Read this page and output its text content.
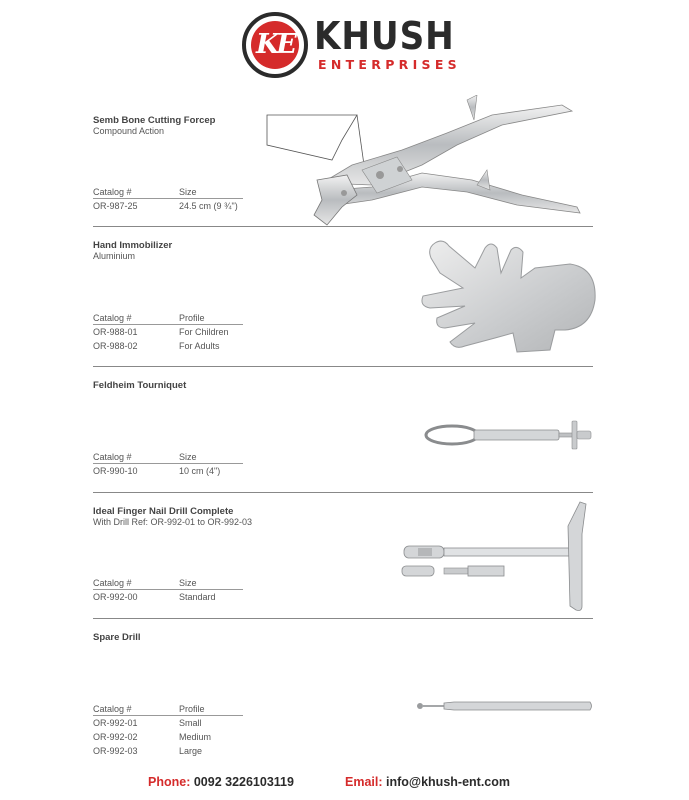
KE KHUSH
ENTERPRISES
Semb Bone Cutting Forcep
Compound Action
Catalog #	Size
OR-987-25	24.5 cm (9 ¾")
Hand Immobilizer
Aluminium
Catalog #	Profile
OR-988-01	For Children
OR-988-02	For Adults
Feldheim Tourniquet
Catalog #	Size
OR-990-10	10 cm (4")
Ideal Finger Nail Drill Complete
With Drill Ref: OR-992-01 to OR-992-03
Catalog #	Size
OR-992-00	Standard
Spare Drill
Catalog #	Profile
OR-992-01	Small
OR-992-02	Medium
OR-992-03	Large
Phone: 0092 3226103119	Email: info@khush-ent.com
